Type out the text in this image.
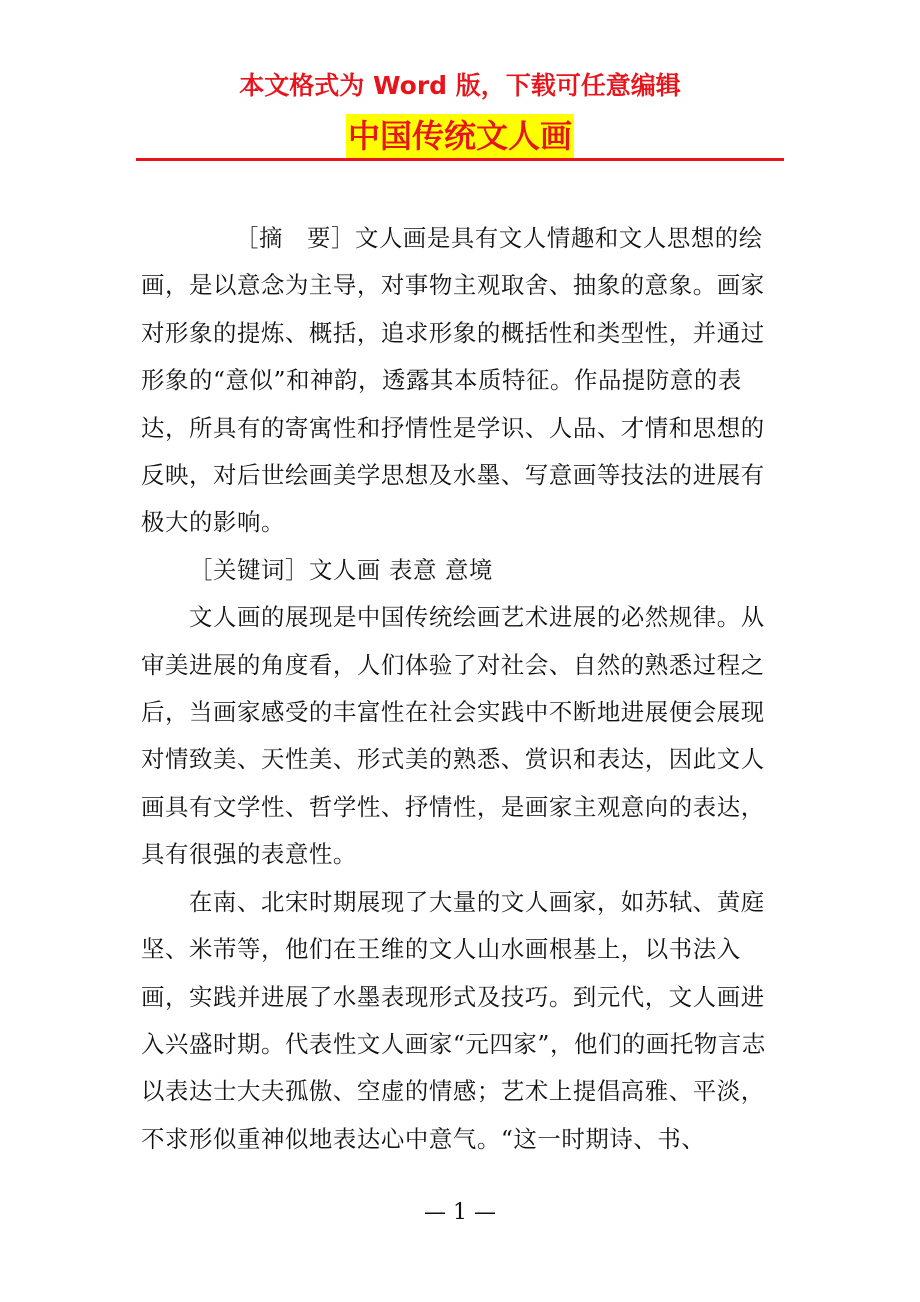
本文格式为 Word 版，下载可任意编辑
中国传统文人画

［摘　要］文人画是具有文人情趣和文人思想的绘画，是以意念为主导，对事物主观取舍、抽象的意象。画家对形象的提炼、概括，追求形象的概括性和类型性，并通过形象的“意似”和神韵，透露其本质特征。作品提防意的表达，所具有的寄寓性和抒情性是学识、人品、才情和思想的反映，对后世绘画美学思想及水墨、写意画等技法的进展有极大的影响。

［关键词］文人画 表意 意境

文人画的展现是中国传统绘画艺术进展的必然规律。从审美进展的角度看，人们体验了对社会、自然的熟悉过程之后，当画家感受的丰富性在社会实践中不断地进展便会展现对情致美、天性美、形式美的熟悉、赏识和表达，因此文人画具有文学性、哲学性、抒情性，是画家主观意向的表达，具有很强的表意性。

在南、北宋时期展现了大量的文人画家，如苏轼、黄庭坚、米芾等，他们在王维的文人山水画根基上，以书法入画，实践并进展了水墨表现形式及技巧。到元代，文人画进入兴盛时期。代表性文人画家“元四家”，他们的画托物言志以表达士大夫孤傲、空虚的情感；艺术上提倡高雅、平淡，不求形似重神似地表达心中意气。“这一时期诗、书、

— 1 —
